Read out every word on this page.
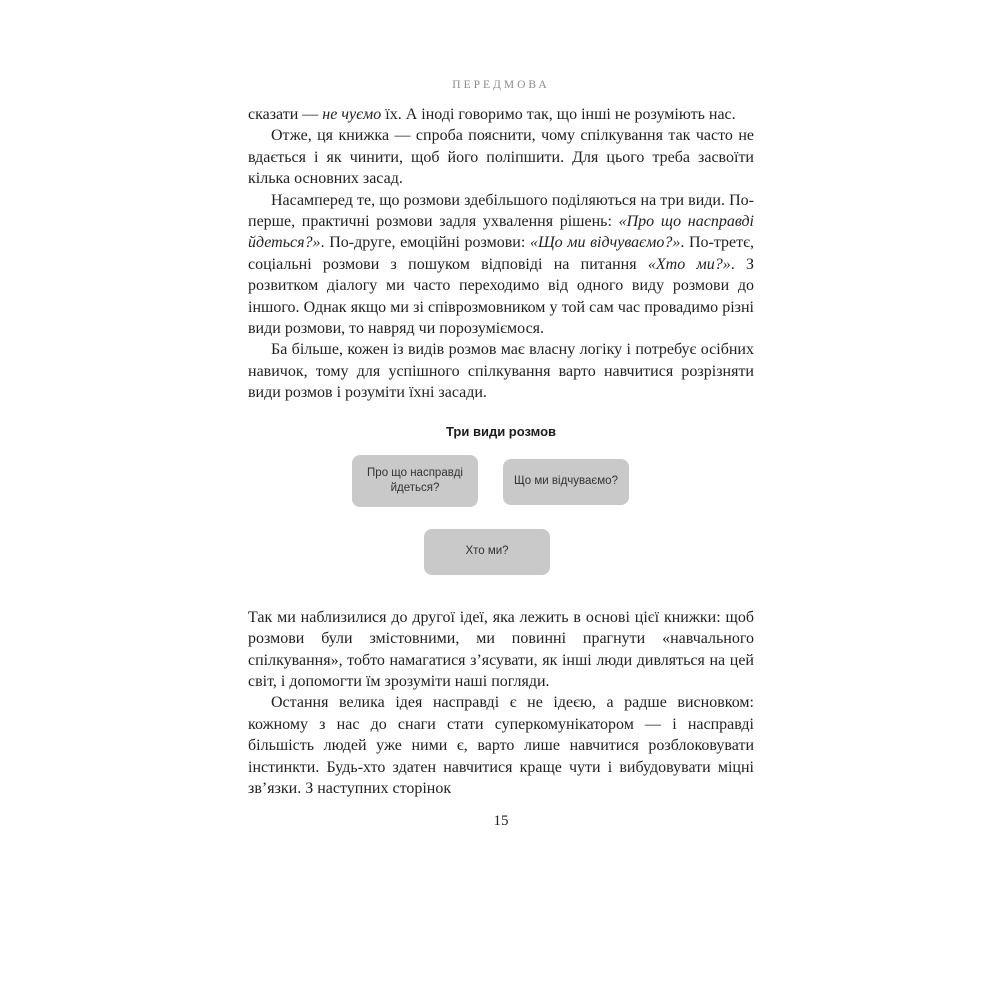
ПЕРЕДМОВА

сказати — не чуємо їх. А іноді говоримо так, що інші не розуміють нас.

Отже, ця книжка — спроба пояснити, чому спілкування так часто не вдається і як чинити, щоб його поліпшити. Для цього треба засвоїти кілька основних засад.

Насамперед те, що розмови здебільшого поділяються на три види. По-перше, практичні розмови задля ухвалення рішень: «Про що насправді йдеться?». По-друге, емоційні розмови: «Що ми відчуваємо?». По-третє, соціальні розмови з пошуком відповіді на питання «Хто ми?». З розвитком діалогу ми часто переходимо від одного виду розмови до іншого. Однак якщо ми зі співрозмовником у той сам час провадимо різні види розмови, то навряд чи порозуміємося.

Ба більше, кожен із видів розмов має власну логіку і потребує осібних навичок, тому для успішного спілкування варто навчитися розрізняти види розмов і розуміти їхні засади.

Три види розмов
Про що насправді йдеться?
Що ми відчуваємо?
Хто ми?

Так ми наблизилися до другої ідеї, яка лежить в основі цієї книжки: щоб розмови були змістовними, ми повинні прагнути «навчального спілкування», тобто намагатися з’ясувати, як інші люди дивляться на цей світ, і допомогти їм зрозуміти наші погляди.

Остання велика ідея насправді є не ідеєю, а радше висновком: кожному з нас до снаги стати суперкомунікатором — і насправді більшість людей уже ними є, варто лише навчитися розблоковувати інстинкти. Будь-хто здатен навчитися краще чути і вибудовувати міцні зв’язки. З наступних сторінок

15
